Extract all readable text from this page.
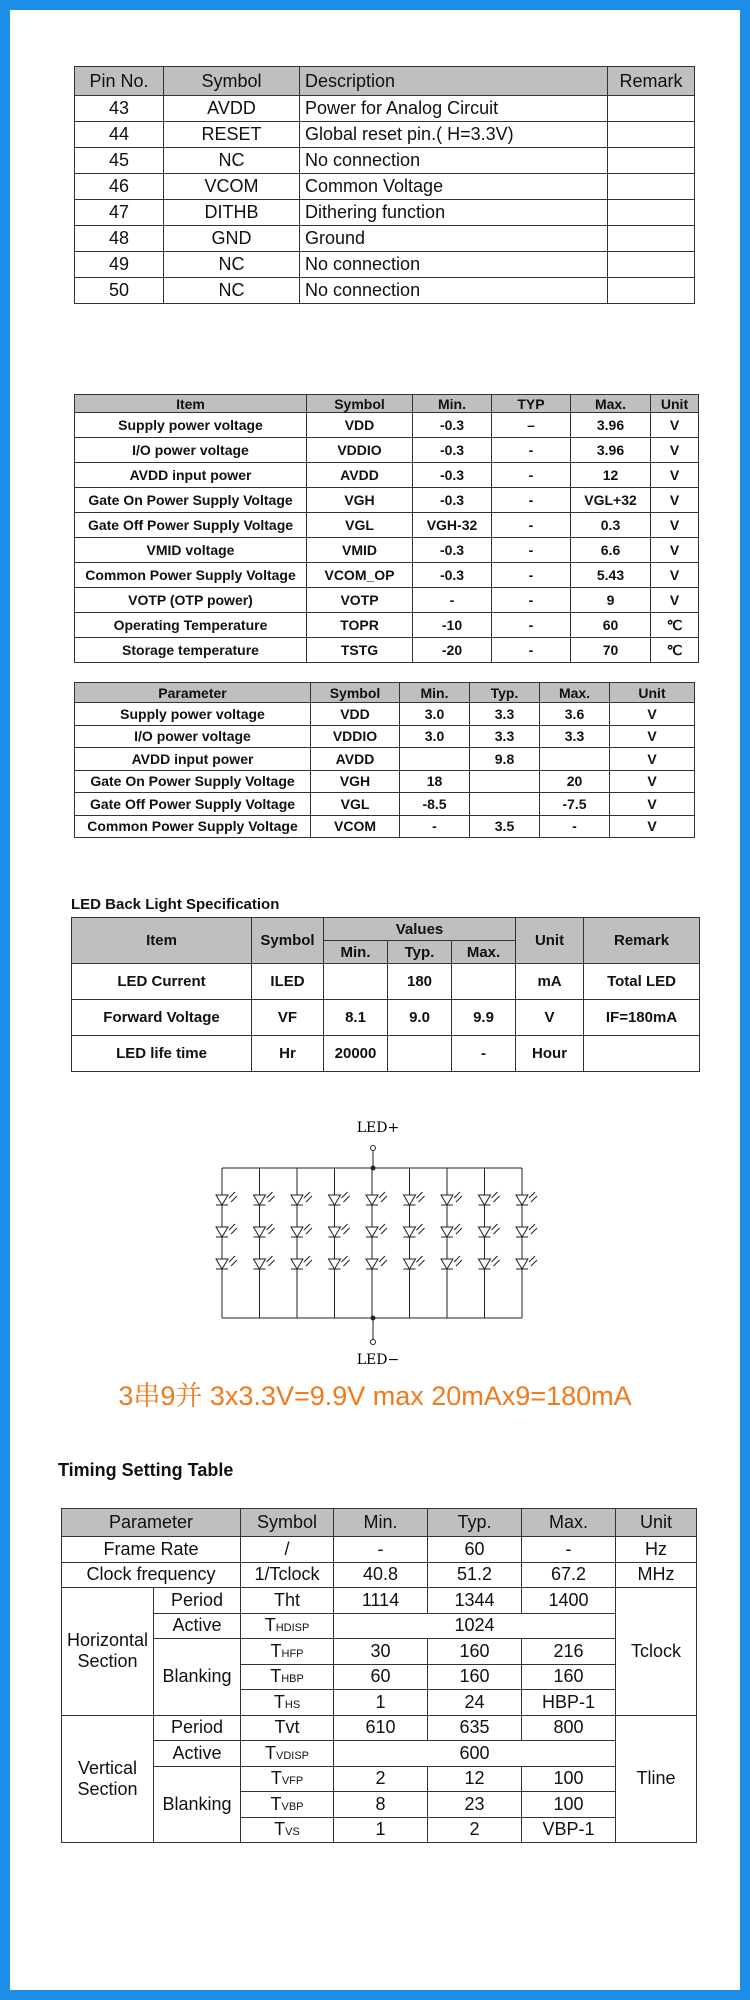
Pin No.	Symbol	Description	Remark
43	AVDD	Power for Analog Circuit	
44	RESET	Global reset pin.( H=3.3V)	
45	NC	No connection	
46	VCOM	Common Voltage	
47	DITHB	Dithering function	
48	GND	Ground	
49	NC	No connection	
50	NC	No connection	
Item	Symbol	Min.	TYP	Max.	Unit
Supply power voltage	VDD	-0.3	–	3.96	V
I/O power voltage	VDDIO	-0.3	-	3.96	V
AVDD input power	AVDD	-0.3	-	12	V
Gate On Power Supply Voltage	VGH	-0.3	-	VGL+32	V
Gate Off Power Supply Voltage	VGL	VGH-32	-	0.3	V
VMID voltage	VMID	-0.3	-	6.6	V
Common Power Supply Voltage	VCOM_OP	-0.3	-	5.43	V
VOTP (OTP power)	VOTP	-	-	9	V
Operating Temperature	TOPR	-10	-	60	℃
Storage temperature	TSTG	-20	-	70	℃
Parameter	Symbol	Min.	Typ.	Max.	Unit
Supply power voltage	VDD	3.0	3.3	3.6	V
I/O power voltage	VDDIO	3.0	3.3	3.3	V
AVDD input power	AVDD		9.8		V
Gate On Power Supply Voltage	VGH	18		20	V
Gate Off Power Supply Voltage	VGL	-8.5		-7.5	V
Common Power Supply Voltage	VCOM	-	3.5	-	V

LED Back Light Specification

Item	Symbol	Values			Unit	Remark
		Min.	Typ.	Max.		
LED Current	ILED		180		mA	Total LED
Forward Voltage	VF	8.1	9.0	9.9	V	IF=180mA
LED life time	Hr	20000		-	Hour	
LED+
LED−

3串9并 3x3.3V=9.9V max 20mAx9=180mA

Timing Setting Table

Parameter		Symbol	Min.	Typ.	Max.	Unit
Frame Rate		/	-	60	-	Hz
Clock frequency		1/Tclock	40.8	51.2	67.2	MHz
Horizontal
Section	Period	Tht	1114	1344	1400	Tclock
	Active	THDISP	1024			
	Blanking	THFP	30	160	216	
		THBP	60	160	160	
		THS	1	24	HBP-1	
Vertical
Section	Period	Tvt	610	635	800	Tline
	Active	TVDISP	600			
	Blanking	TVFP	2	12	100	
		TVBP	8	23	100	
		TVS	1	2	VBP-1	
